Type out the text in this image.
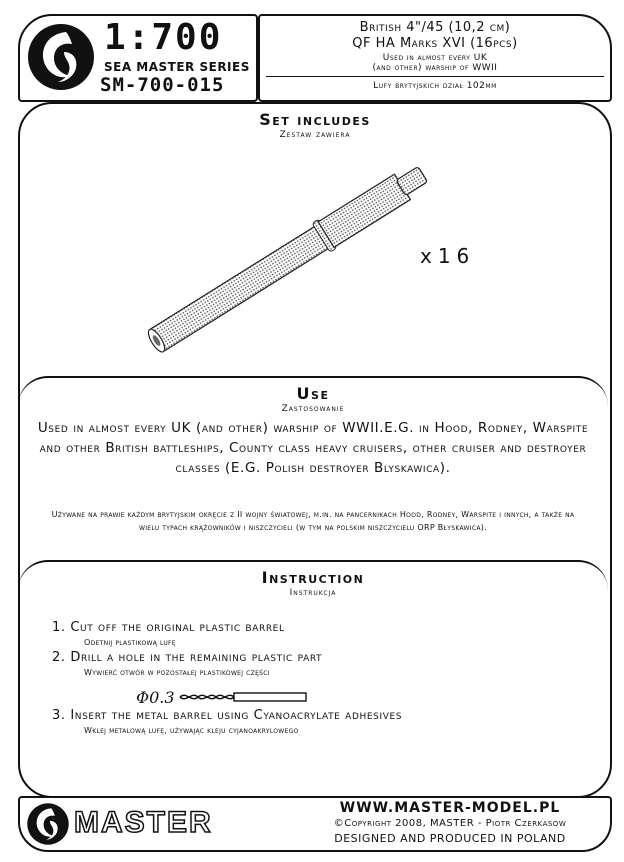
1:700
SEA MASTER SERIES
SM-700-015
British 4"/45 (10,2 cm)
QF HA Marks XVI (16pcs)
Used in almost every UK
(and other) warship of WWII
Lufy brytyjskich dział 102mm
Set includes
Zestaw zawiera
x16
Use
Zastosowanie
Used in almost every UK (and other) warship of WWII.E.G. in Hood, Rodney, Warspite and other British battleships, County class heavy cruisers, other cruiser and destroyer classes (E.G. Polish destroyer Blyskawica).
Używane na prawie każdym brytyjskim okręcie z II wojny światowej, m.in. na pancernikach Hood, Rodney, Warspite i innych, a także na wielu typach krążowników i niszczycieli (w tym na polskim niszczycielu ORP Błyskawica).
Instruction
Instrukcja
1. Cut off the original plastic barrel
Odetnij plastikową lufę
2. Drill a hole in the remaining plastic part
Wywierć otwór w pozostałej plastikowej części
Φ0.3
3. Insert the metal barrel using Cyanoacrylate adhesives
Wklej metalową lufę, używając kleju cyjanoakrylowego
MASTER	WWW.MASTER-MODEL.PL
©Copyright 2008, MASTER - Piotr Czerkasow
DESIGNED AND PRODUCED IN POLAND
